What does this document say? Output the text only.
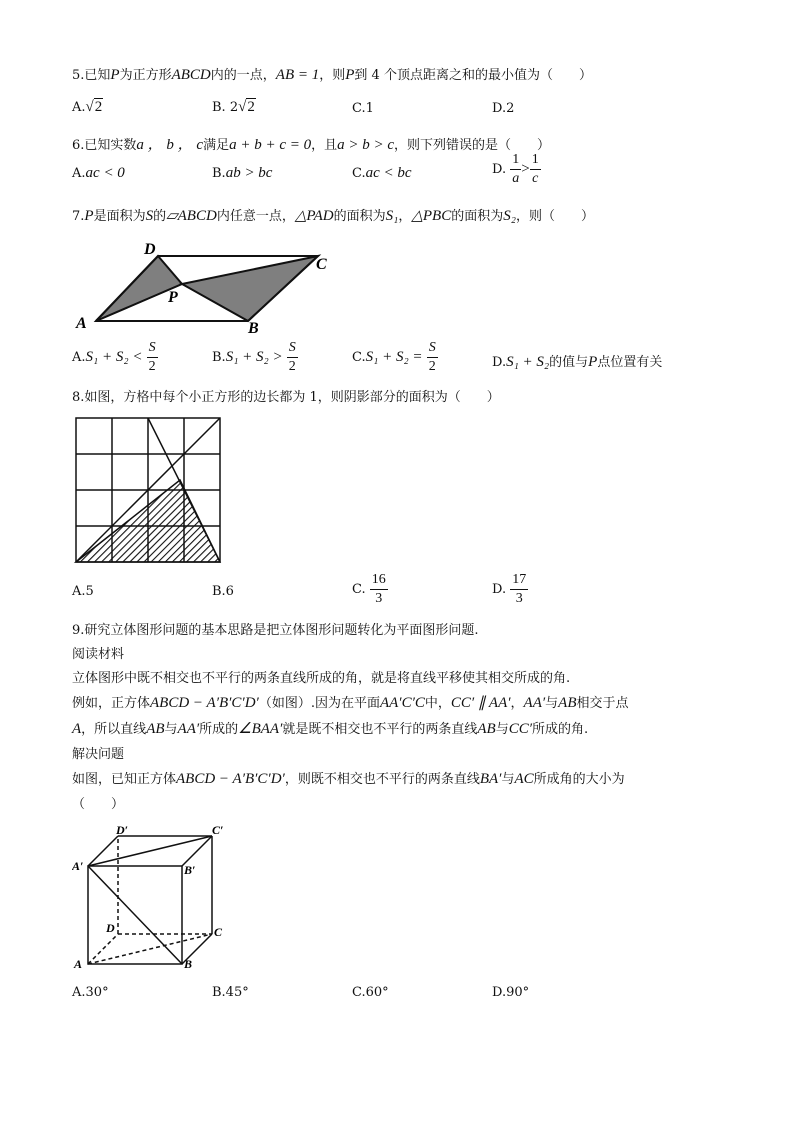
5.已知P为正方形ABCD内的一点，AB = 1，则P到 4 个顶点距离之和的最小值为（　　）
A.√2	B. 2√2	C.1	D.2
6.已知实数a ， b ， c满足a + b + c = 0，且a > b > c，则下列错误的是（　　）
A.ac < 0	B.ab > bc	C.ac < bc	D. $\frac{1}{a} > \frac{1}{c}$
7.P是面积为S的▱ABCD内任意一点，△PAD的面积为S₁，△PBC的面积为S₂，则（　　）
D
C
P
A	B
$A.S_1 + S_2 < \frac{S}{2}$	$B.S_1 + S_2 > \frac{S}{2}$	$C.S_1 + S_2 = \frac{S}{2}$	D.S₁ + S₂的值与P点位置有关
8.如图，方格中每个小正方形的边长都为 1，则阴影部分的面积为（　　）
A.5	B.6	C. $\frac{16}{3}$	D. $\frac{17}{3}$
9.研究立体图形问题的基本思路是把立体图形问题转化为平面图形问题.
阅读材料
立体图形中既不相交也不平行的两条直线所成的角，就是将直线平移使其相交所成的角.
例如，正方体ABCD − A′B′C′D′（如图）.因为在平面AA′C′C中，CC′ ∥ AA′，AA′与AB相交于点
A，所以直线AB与AA′所成的∠BAA′就是既不相交也不平行的两条直线AB与CC′所成的角.
解决问题
如图，已知正方体ABCD − A′B′C′D′，则既不相交也不平行的两条直线BA′与AC所成角的大小为
（　　）
D′	C′
A′	B′
D	C
A	B
A.30°	B.45°	C.60°	D.90°
